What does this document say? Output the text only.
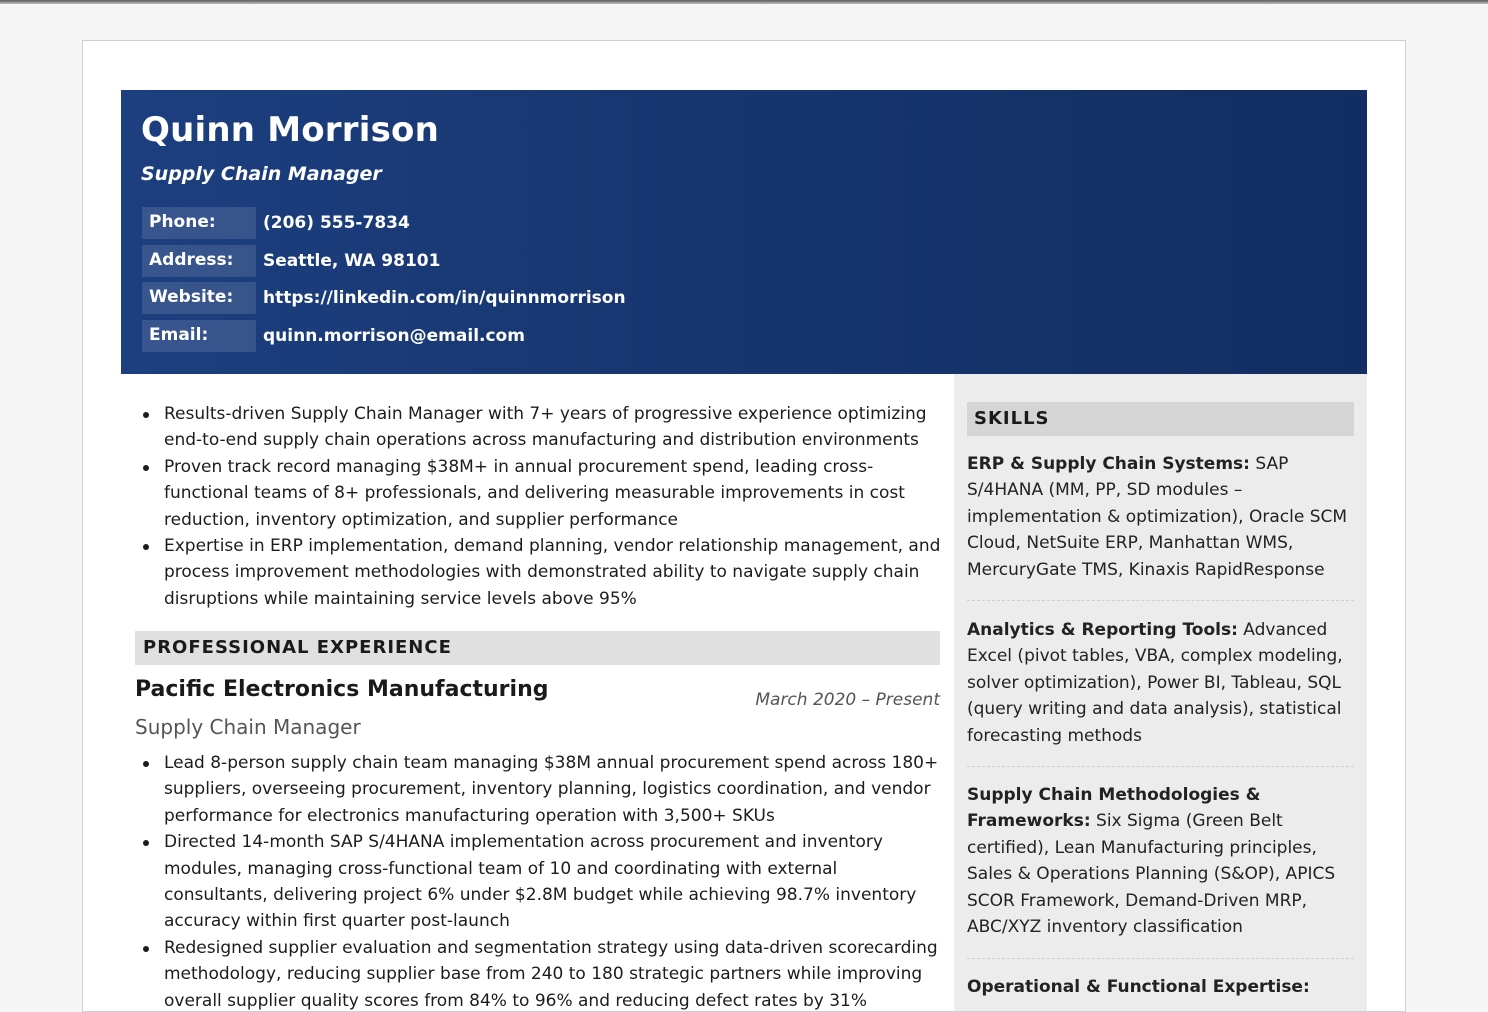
Quinn Morrison
Supply Chain Manager
Phone:	(206) 555-7834
Address:	Seattle, WA 98101
Website:	https://linkedin.com/in/quinnmorrison
Email:	quinn.morrison@email.com
Results-driven Supply Chain Manager with 7+ years of progressive experience optimizing end-to-end supply chain operations across manufacturing and distribution environments
Proven track record managing $38M+ in annual procurement spend, leading cross-functional teams of 8+ professionals, and delivering measurable improvements in cost reduction, inventory optimization, and supplier performance
Expertise in ERP implementation, demand planning, vendor relationship management, and process improvement methodologies with demonstrated ability to navigate supply chain disruptions while maintaining service levels above 95%
PROFESSIONAL EXPERIENCE
Pacific Electronics Manufacturing	March 2020 – Present
Supply Chain Manager
Lead 8-person supply chain team managing $38M annual procurement spend across 180+ suppliers, overseeing procurement, inventory planning, logistics coordination, and vendor performance for electronics manufacturing operation with 3,500+ SKUs
Directed 14-month SAP S/4HANA implementation across procurement and inventory modules, managing cross-functional team of 10 and coordinating with external consultants, delivering project 6% under $2.8M budget while achieving 98.7% inventory accuracy within first quarter post-launch
Redesigned supplier evaluation and segmentation strategy using data-driven scorecarding methodology, reducing supplier base from 240 to 180 strategic partners while improving overall supplier quality scores from 84% to 96% and reducing defect rates by 31%
SKILLS
ERP & Supply Chain Systems: SAP S/4HANA (MM, PP, SD modules – implementation & optimization), Oracle SCM Cloud, NetSuite ERP, Manhattan WMS, MercuryGate TMS, Kinaxis RapidResponse
Analytics & Reporting Tools: Advanced Excel (pivot tables, VBA, complex modeling, solver optimization), Power BI, Tableau, SQL (query writing and data analysis), statistical forecasting methods
Supply Chain Methodologies & Frameworks: Six Sigma (Green Belt certified), Lean Manufacturing principles, Sales & Operations Planning (S&OP), APICS SCOR Framework, Demand-Driven MRP, ABC/XYZ inventory classification
Operational & Functional Expertise:
